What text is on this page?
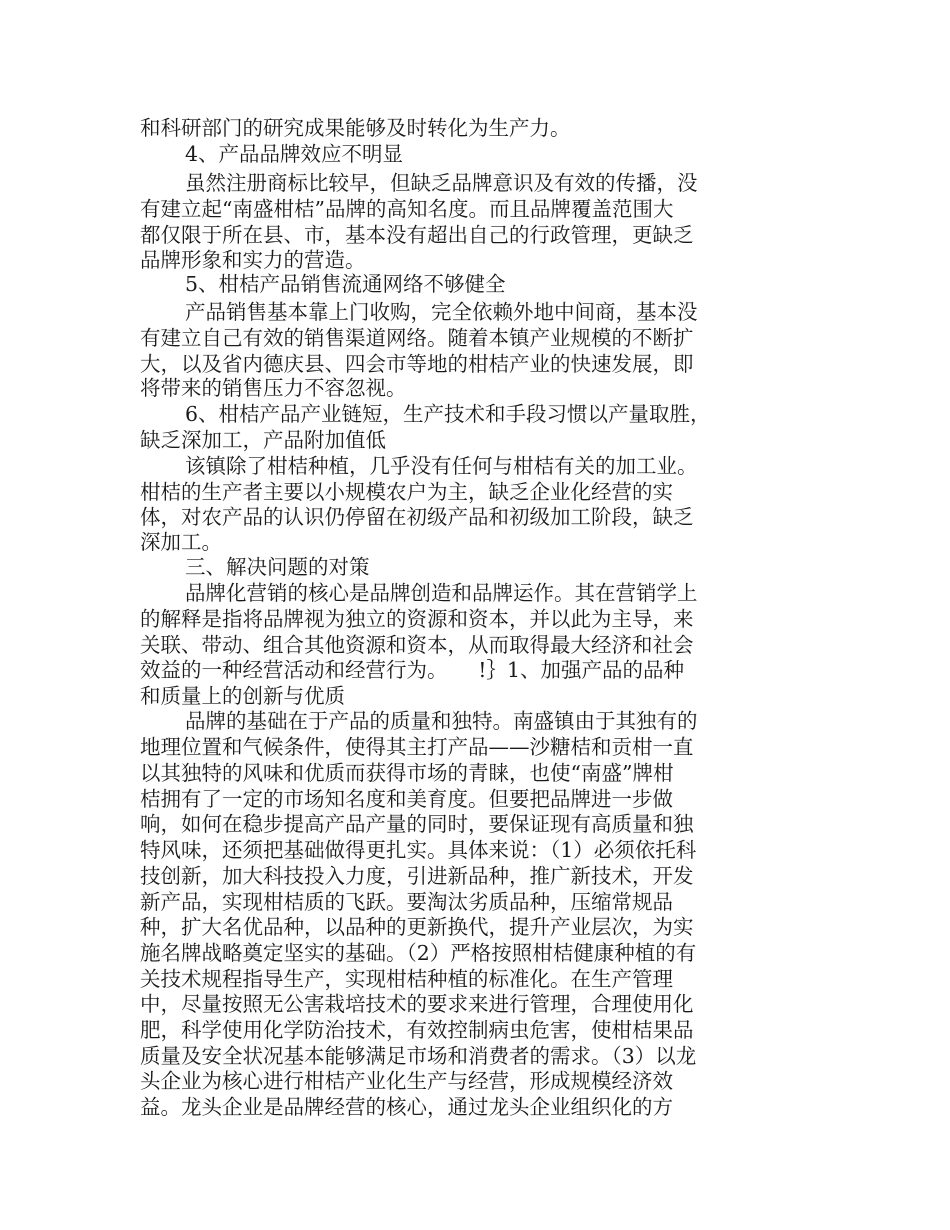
和科研部门的研究成果能够及时转化为生产力。
4、产品品牌效应不明显
虽然注册商标比较早，但缺乏品牌意识及有效的传播，没
有建立起“南盛柑桔”品牌的高知名度。而且品牌覆盖范围大
都仅限于所在县、市，基本没有超出自己的行政管理，更缺乏
品牌形象和实力的营造。
5、柑桔产品销售流通网络不够健全
产品销售基本靠上门收购，完全依赖外地中间商，基本没
有建立自己有效的销售渠道网络。随着本镇产业规模的不断扩
大，以及省内德庆县、四会市等地的柑桔产业的快速发展，即
将带来的销售压力不容忽视。
6、柑桔产品产业链短，生产技术和手段习惯以产量取胜，
缺乏深加工，产品附加值低
该镇除了柑桔种植，几乎没有任何与柑桔有关的加工业。
柑桔的生产者主要以小规模农户为主，缺乏企业化经营的实
体，对农产品的认识仍停留在初级产品和初级加工阶段，缺乏
深加工。
三、解决问题的对策
品牌化营销的核心是品牌创造和品牌运作。其在营销学上
的解释是指将品牌视为独立的资源和资本，并以此为主导，来
关联、带动、组合其他资源和资本，从而取得最大经济和社会
效益的一种经营活动和经营行为。　　!｝1、加强产品的品种
和质量上的创新与优质
品牌的基础在于产品的质量和独特。南盛镇由于其独有的
地理位置和气候条件，使得其主打产品——沙糖桔和贡柑一直
以其独特的风味和优质而获得市场的青睐，也使“南盛”牌柑
桔拥有了一定的市场知名度和美育度。但要把品牌进一步做
响，如何在稳步提高产品产量的同时，要保证现有高质量和独
特风味，还须把基础做得更扎实。具体来说：（1）必须依托科
技创新，加大科技投入力度，引进新品种，推广新技术，开发
新产品，实现柑桔质的飞跃。要淘汰劣质品种，压缩常规品
种，扩大名优品种，以品种的更新换代，提升产业层次，为实
施名牌战略奠定坚实的基础。（2）严格按照柑桔健康种植的有
关技术规程指导生产，实现柑桔种植的标准化。在生产管理
中，尽量按照无公害栽培技术的要求来进行管理，合理使用化
肥，科学使用化学防治技术，有效控制病虫危害，使柑桔果品
质量及安全状况基本能够满足市场和消费者的需求。（3）以龙
头企业为核心进行柑桔产业化生产与经营，形成规模经济效
益。龙头企业是品牌经营的核心，通过龙头企业组织化的方
